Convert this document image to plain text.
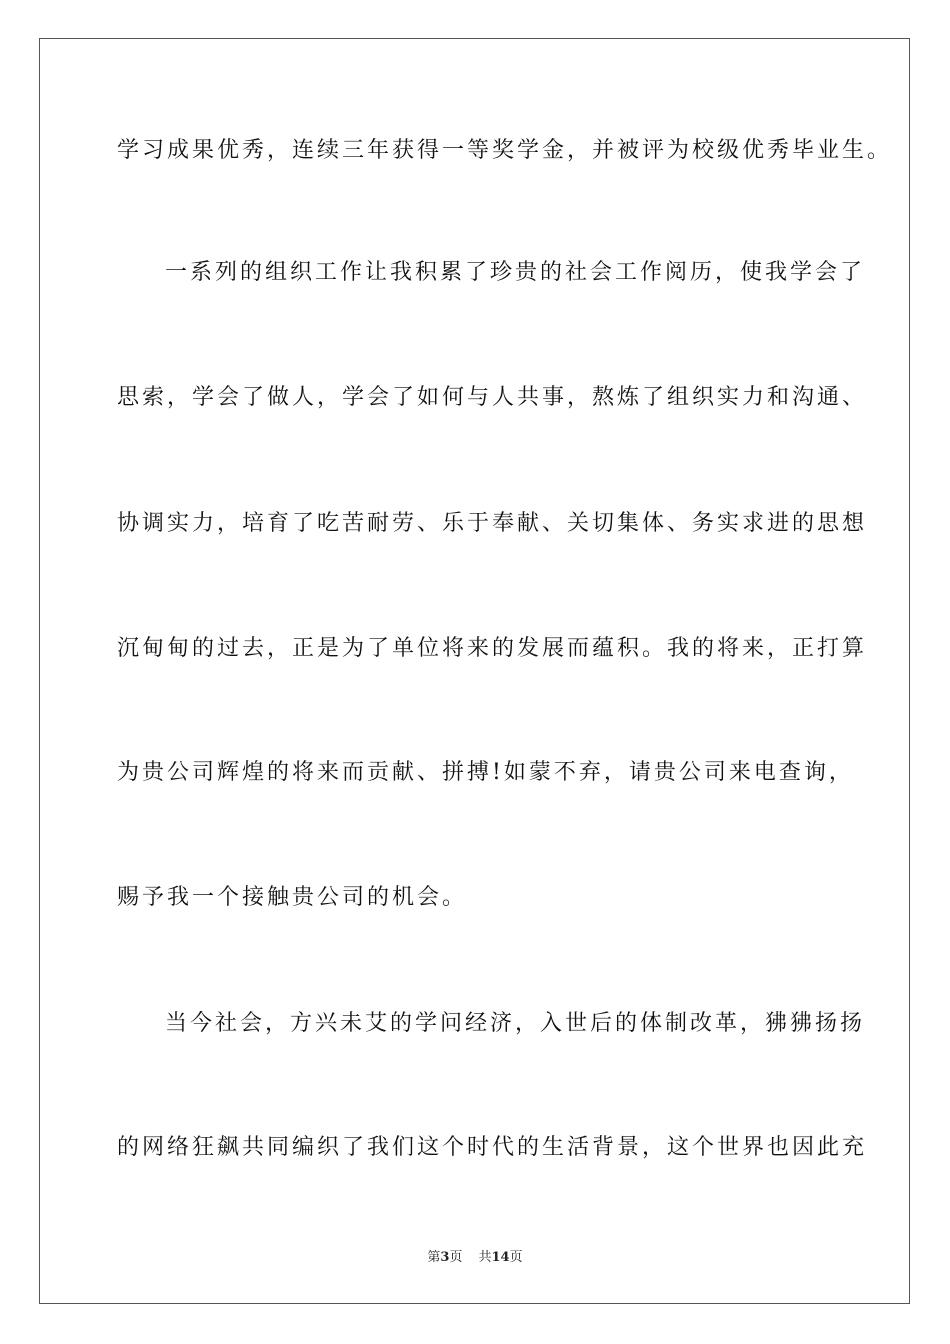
学习成果优秀，连续三年获得一等奖学金，并被评为校级优秀毕业生。

一系列的组织工作让我积累了珍贵的社会工作阅历，使我学会了

思索，学会了做人，学会了如何与人共事，熬炼了组织实力和沟通、

协调实力，培育了吃苦耐劳、乐于奉献、关切集体、务实求进的思想

沉甸甸的过去，正是为了单位将来的发展而蕴积。我的将来，正打算

为贵公司辉煌的将来而贡献、拼搏!如蒙不弃，请贵公司来电查询，

赐予我一个接触贵公司的机会。

当今社会，方兴未艾的学问经济，入世后的体制改革，狒狒扬扬

的网络狂飙共同编织了我们这个时代的生活背景，这个世界也因此充

第3页 共14页
